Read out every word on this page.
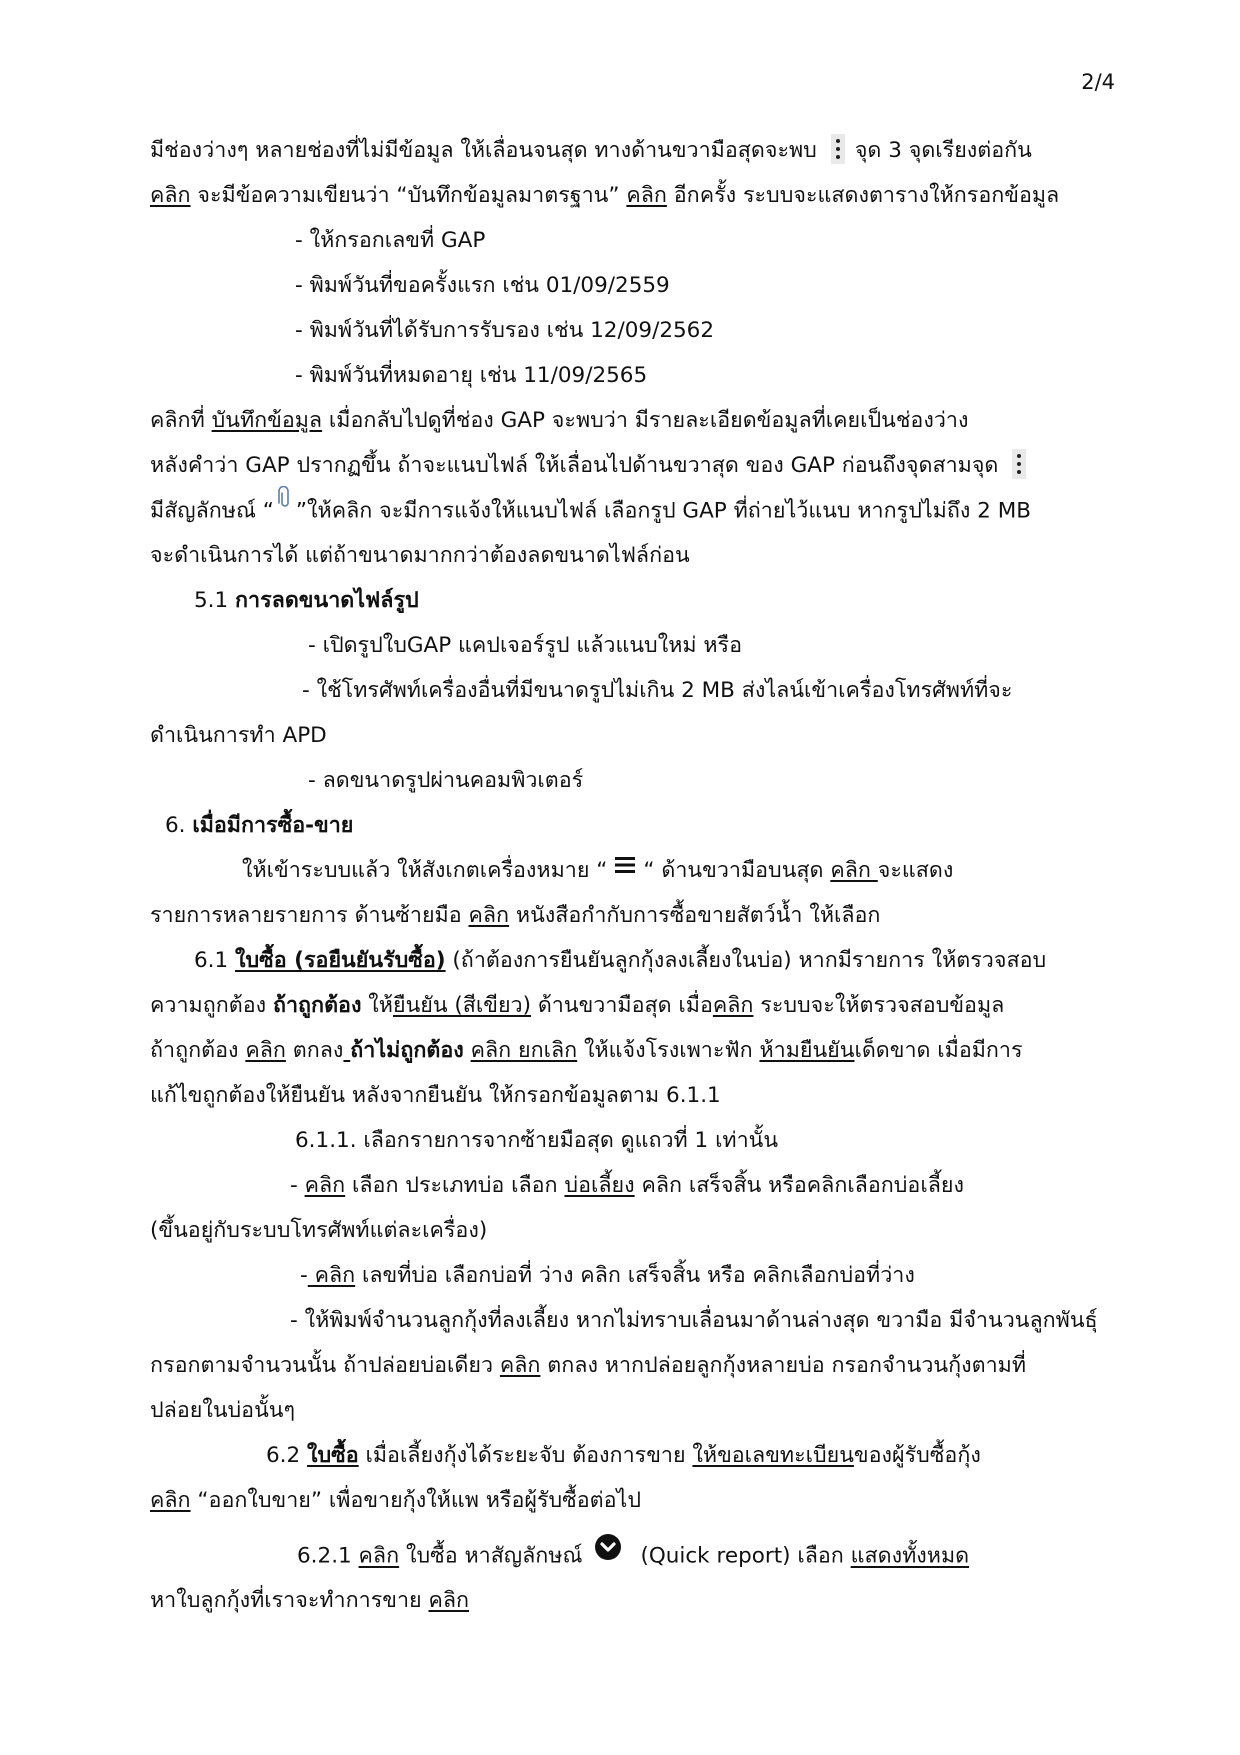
2/4
มีช่องว่างๆ หลายช่องที่ไม่มีข้อมูล ให้เลื่อนจนสุด ทางด้านขวามือสุดจะพบ จุด 3 จุดเรียงต่อกัน
คลิก จะมีข้อความเขียนว่า “บันทึกข้อมูลมาตรฐาน” คลิก อีกครั้ง ระบบจะแสดงตารางให้กรอกข้อมูล
- ให้กรอกเลขที่ GAP
- พิมพ์วันที่ขอครั้งแรก เช่น 01/09/2559
- พิมพ์วันที่ได้รับการรับรอง เช่น 12/09/2562
- พิมพ์วันที่หมดอายุ เช่น 11/09/2565
คลิกที่ บันทึกข้อมูล เมื่อกลับไปดูที่ช่อง GAP จะพบว่า มีรายละเอียดข้อมูลที่เคยเป็นช่องว่าง
หลังคำว่า GAP ปรากฏขึ้น ถ้าจะแนบไฟล์ ให้เลื่อนไปด้านขวาสุด ของ GAP ก่อนถึงจุดสามจุด
มีสัญลักษณ์ “ ”ให้คลิก จะมีการแจ้งให้แนบไฟล์ เลือกรูป GAP ที่ถ่ายไว้แนบ หากรูปไม่ถึง 2 MB
จะดำเนินการได้ แต่ถ้าขนาดมากกว่าต้องลดขนาดไฟล์ก่อน
5.1 การลดขนาดไฟล์รูป
- เปิดรูปใบGAP แคปเจอร์รูป แล้วแนบใหม่ หรือ
- ใช้โทรศัพท์เครื่องอื่นที่มีขนาดรูปไม่เกิน 2 MB ส่งไลน์เข้าเครื่องโทรศัพท์ที่จะ
ดำเนินการทำ APD
- ลดขนาดรูปผ่านคอมพิวเตอร์
6. เมื่อมีการซื้อ-ขาย
ให้เข้าระบบแล้ว ให้สังเกตเครื่องหมาย “ “ ด้านขวามือบนสุด คลิก จะแสดง
รายการหลายรายการ ด้านซ้ายมือ คลิก หนังสือกำกับการซื้อขายสัตว์น้ำ ให้เลือก
6.1 ใบซื้อ (รอยืนยันรับซื้อ) (ถ้าต้องการยืนยันลูกกุ้งลงเลี้ยงในบ่อ) หากมีรายการ ให้ตรวจสอบ
ความถูกต้อง ถ้าถูกต้อง ให้ยืนยัน (สีเขียว) ด้านขวามือสุด เมื่อคลิก ระบบจะให้ตรวจสอบข้อมูล
ถ้าถูกต้อง คลิก ตกลง ถ้าไม่ถูกต้อง คลิก ยกเลิก ให้แจ้งโรงเพาะฟัก ห้ามยืนยันเด็ดขาด เมื่อมีการ
แก้ไขถูกต้องให้ยืนยัน หลังจากยืนยัน ให้กรอกข้อมูลตาม 6.1.1
6.1.1. เลือกรายการจากซ้ายมือสุด ดูแถวที่ 1 เท่านั้น
- คลิก เลือก ประเภทบ่อ เลือก บ่อเลี้ยง คลิก เสร็จสิ้น หรือคลิกเลือกบ่อเลี้ยง
(ขึ้นอยู่กับระบบโทรศัพท์แต่ละเครื่อง)
- คลิก เลขที่บ่อ เลือกบ่อที่ ว่าง คลิก เสร็จสิ้น หรือ คลิกเลือกบ่อที่ว่าง
- ให้พิมพ์จำนวนลูกกุ้งที่ลงเลี้ยง หากไม่ทราบเลื่อนมาด้านล่างสุด ขวามือ มีจำนวนลูกพันธุ์
กรอกตามจำนวนนั้น ถ้าปล่อยบ่อเดียว คลิก ตกลง หากปล่อยลูกกุ้งหลายบ่อ กรอกจำนวนกุ้งตามที่
ปล่อยในบ่อนั้นๆ
6.2 ใบซื้อ เมื่อเลี้ยงกุ้งได้ระยะจับ ต้องการขาย ให้ขอเลขทะเบียนของผู้รับซื้อกุ้ง
คลิก “ออกใบขาย” เพื่อขายกุ้งให้แพ หรือผู้รับซื้อต่อไป
6.2.1 คลิก ใบซื้อ หาสัญลักษณ์	(Quick report) เลือก แสดงทั้งหมด
หาใบลูกกุ้งที่เราจะทำการขาย คลิก
